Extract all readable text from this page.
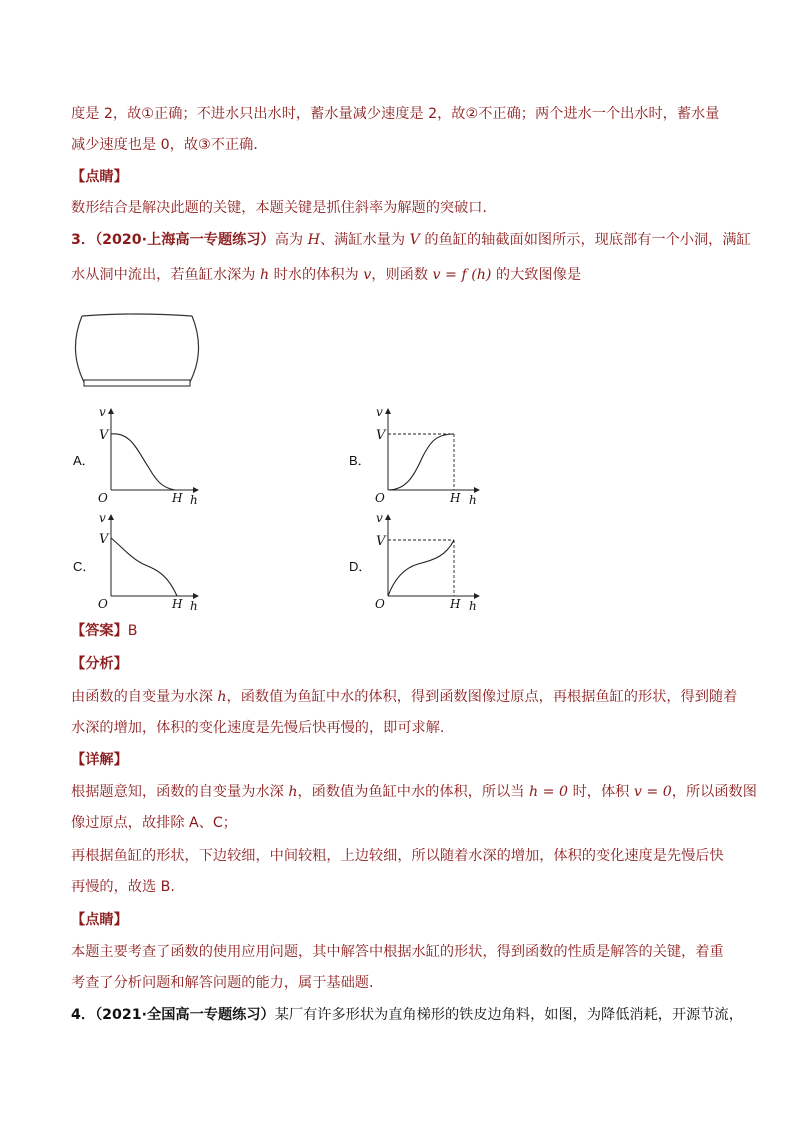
度是 2，故①正确；不进水只出水时，蓄水量减少速度是 2，故②不正确；两个进水一个出水时，蓄水量
减少速度也是 0，故③不正确．
【点睛】
数形结合是解决此题的关键，本题关键是抓住斜率为解题的突破口．
3．（2020·上海高一专题练习）高为 H、满缸水量为 V 的鱼缸的轴截面如图所示，现底部有一个小洞，满缸
水从洞中流出，若鱼缸水深为 h 时水的体积为 v，则函数 v = f (h) 的大致图像是
A．
v
V
O	H h
B．
v
V
O	H h
C．
v
V
O	H h
D．
v
V
O	H h
【答案】B
【分析】
由函数的自变量为水深 h，函数值为鱼缸中水的体积，得到函数图像过原点，再根据鱼缸的形状，得到随着
水深的增加，体积的变化速度是先慢后快再慢的，即可求解.
【详解】
根据题意知，函数的自变量为水深 h，函数值为鱼缸中水的体积，所以当 h = 0 时，体积 v = 0，所以函数图
像过原点，故排除 A、C；
再根据鱼缸的形状，下边较细，中间较粗，上边较细，所以随着水深的增加，体积的变化速度是先慢后快
再慢的，故选 B.
【点睛】
本题主要考查了函数的使用应用问题，其中解答中根据水缸的形状，得到函数的性质是解答的关键，着重
考查了分析问题和解答问题的能力，属于基础题.
4．（2021·全国高一专题练习）某厂有许多形状为直角梯形的铁皮边角料，如图，为降低消耗，开源节流，
